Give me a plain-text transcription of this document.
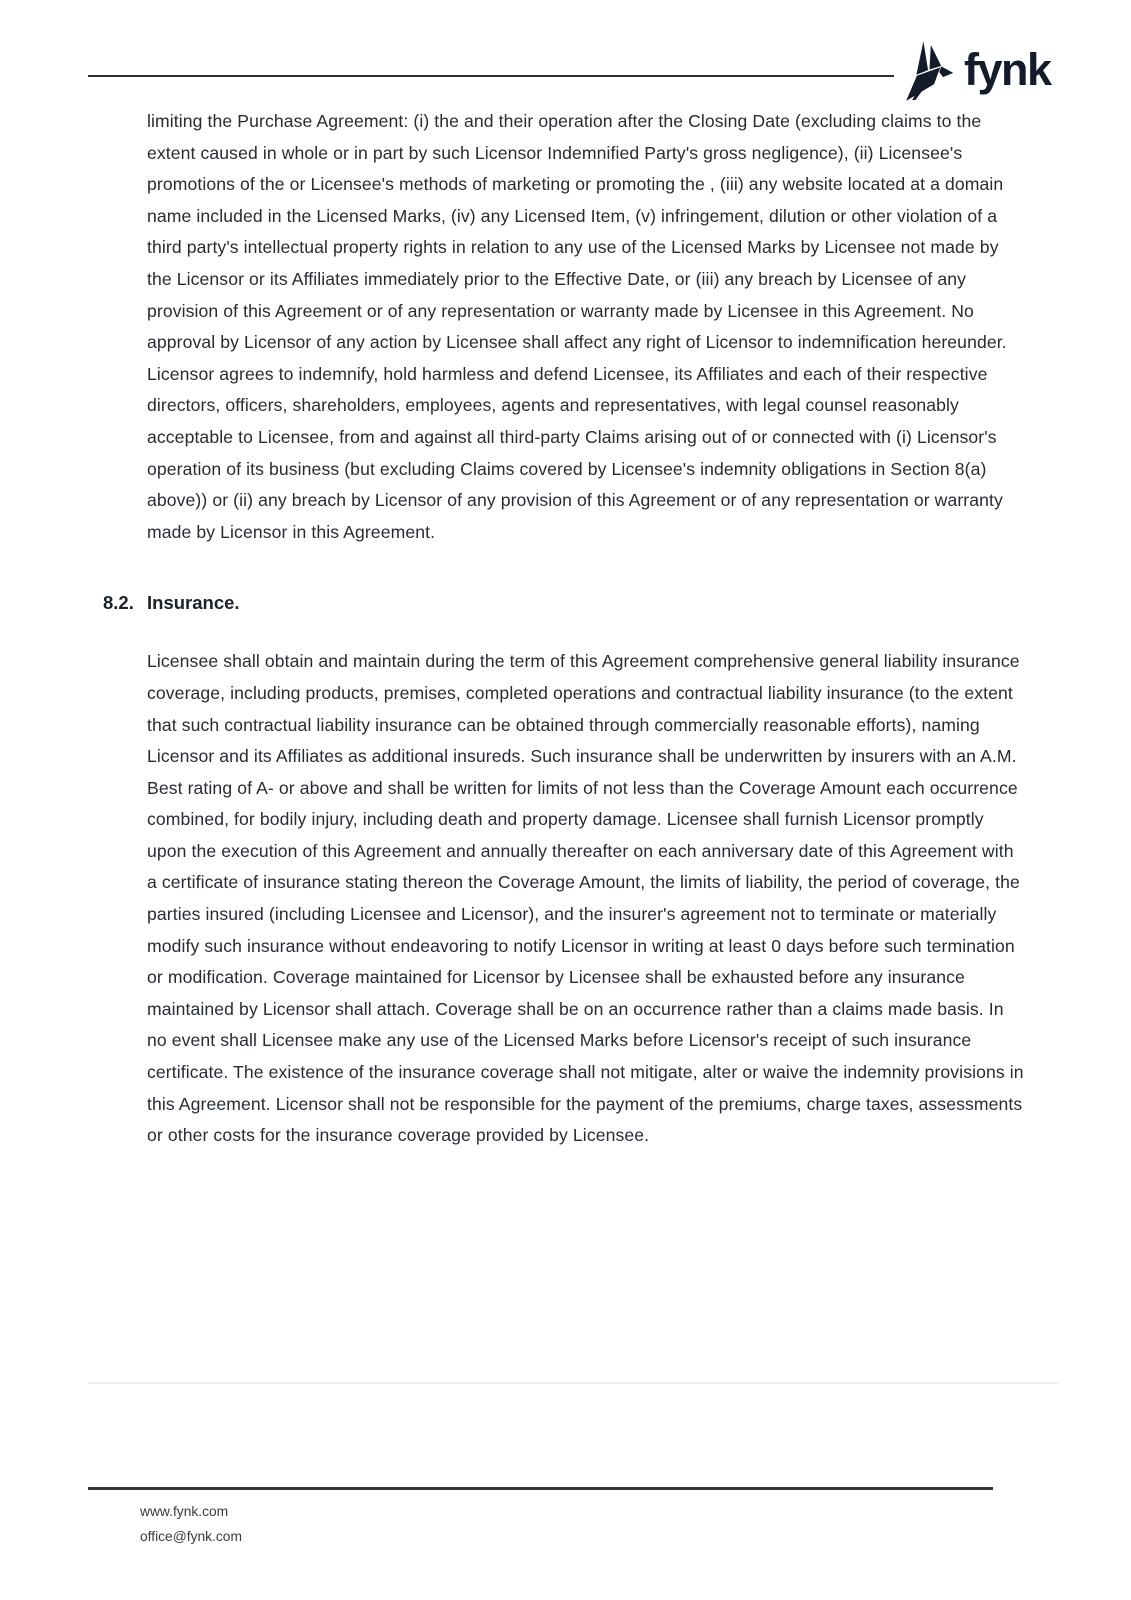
fynk

limiting the Purchase Agreement: (i) the and their operation after the Closing Date (excluding claims to the extent caused in whole or in part by such Licensor Indemnified Party's gross negligence), (ii) Licensee's promotions of the or Licensee's methods of marketing or promoting the , (iii) any website located at a domain name included in the Licensed Marks, (iv) any Licensed Item, (v) infringement, dilution or other violation of a third party's intellectual property rights in relation to any use of the Licensed Marks by Licensee not made by the Licensor or its Affiliates immediately prior to the Effective Date, or (iii) any breach by Licensee of any provision of this Agreement or of any representation or warranty made by Licensee in this Agreement. No approval by Licensor of any action by Licensee shall affect any right of Licensor to indemnification hereunder. Licensor agrees to indemnify, hold harmless and defend Licensee, its Affiliates and each of their respective directors, officers, shareholders, employees, agents and representatives, with legal counsel reasonably acceptable to Licensee, from and against all third-party Claims arising out of or connected with (i) Licensor's operation of its business (but excluding Claims covered by Licensee's indemnity obligations in Section 8(a) above)) or (ii) any breach by Licensor of any provision of this Agreement or of any representation or warranty made by Licensor in this Agreement.

8.2. Insurance.

Licensee shall obtain and maintain during the term of this Agreement comprehensive general liability insurance coverage, including products, premises, completed operations and contractual liability insurance (to the extent that such contractual liability insurance can be obtained through commercially reasonable efforts), naming Licensor and its Affiliates as additional insureds. Such insurance shall be underwritten by insurers with an A.M. Best rating of A- or above and shall be written for limits of not less than the Coverage Amount each occurrence combined, for bodily injury, including death and property damage. Licensee shall furnish Licensor promptly upon the execution of this Agreement and annually thereafter on each anniversary date of this Agreement with a certificate of insurance stating thereon the Coverage Amount, the limits of liability, the period of coverage, the parties insured (including Licensee and Licensor), and the insurer's agreement not to terminate or materially modify such insurance without endeavoring to notify Licensor in writing at least 0 days before such termination or modification. Coverage maintained for Licensor by Licensee shall be exhausted before any insurance maintained by Licensor shall attach. Coverage shall be on an occurrence rather than a claims made basis. In no event shall Licensee make any use of the Licensed Marks before Licensor's receipt of such insurance certificate. The existence of the insurance coverage shall not mitigate, alter or waive the indemnity provisions in this Agreement. Licensor shall not be responsible for the payment of the premiums, charge taxes, assessments or other costs for the insurance coverage provided by Licensee.

www.fynk.com
office@fynk.com
